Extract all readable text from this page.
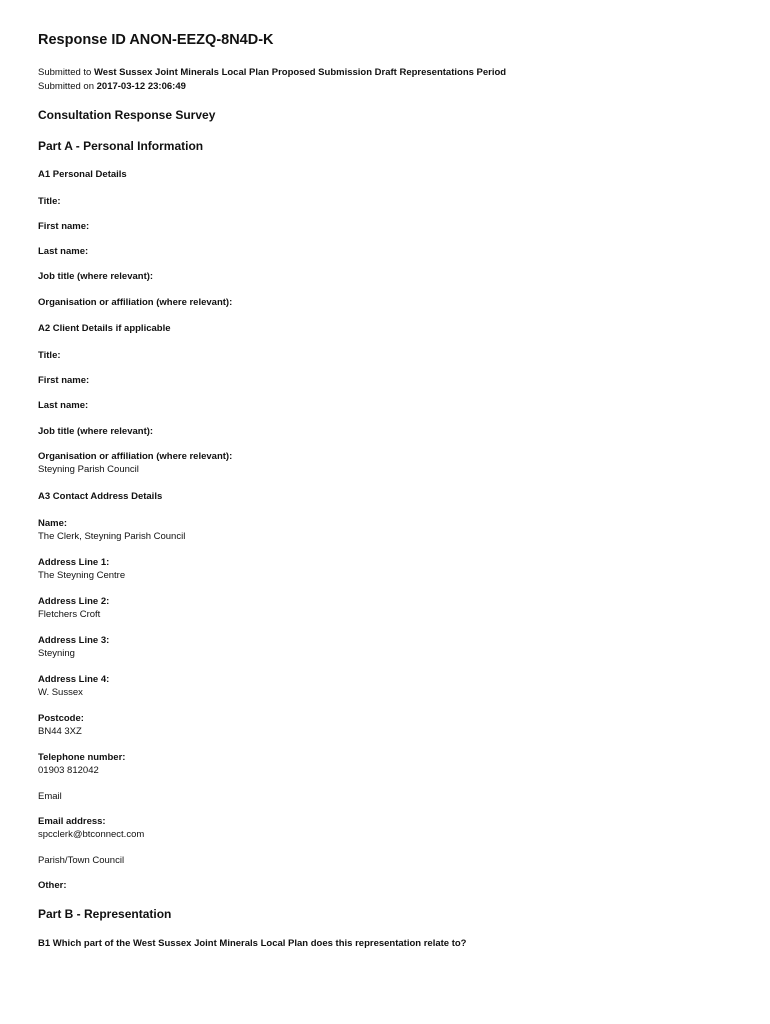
Response ID ANON-EEZQ-8N4D-K
Submitted to West Sussex Joint Minerals Local Plan Proposed Submission Draft Representations Period
Submitted on 2017-03-12 23:06:49
Consultation Response Survey
Part A - Personal Information
A1 Personal Details
Title:
First name:
Last name:
Job title (where relevant):
Organisation or affiliation (where relevant):
A2 Client Details if applicable
Title:
First name:
Last name:
Job title (where relevant):
Organisation or affiliation (where relevant):
Steyning Parish Council
A3 Contact Address Details
Name:
The Clerk, Steyning Parish Council
Address Line 1:
The Steyning Centre
Address Line 2:
Fletchers Croft
Address Line 3:
Steyning
Address Line 4:
W. Sussex
Postcode:
BN44 3XZ
Telephone number:
01903 812042
Email
Email address:
spcclerk@btconnect.com
Parish/Town Council
Other:
Part B - Representation
B1 Which part of the West Sussex Joint Minerals Local Plan does this representation relate to?
